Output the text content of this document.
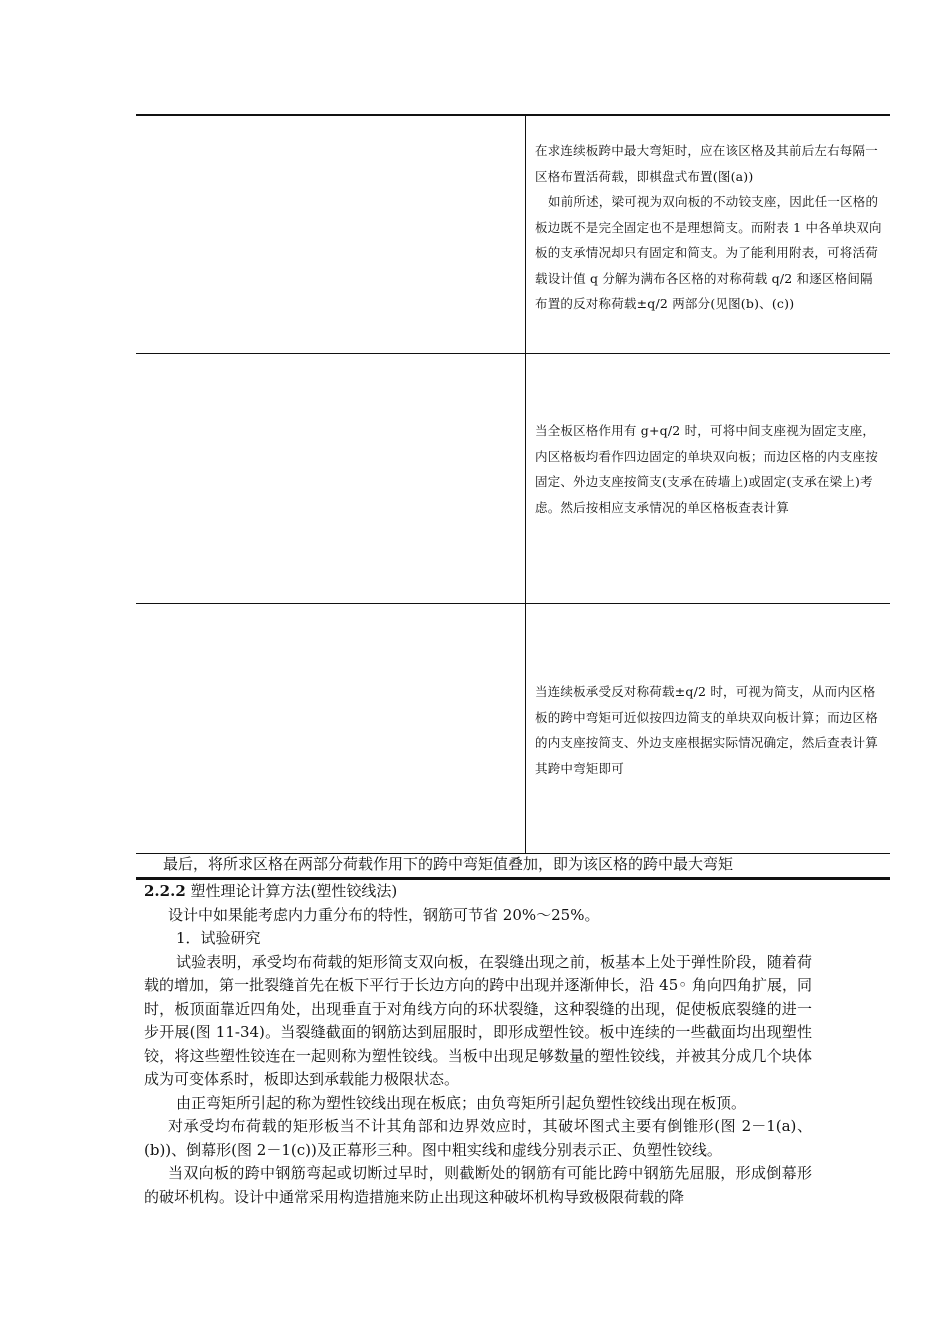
在求连续板跨中最大弯矩时，应在该区格及其前后左右每隔一区格布置活荷载，即棋盘式布置(图(a))

如前所述，梁可视为双向板的不动铰支座，因此任一区格的板边既不是完全固定也不是理想简支。而附表 1 中各单块双向板的支承情况却只有固定和简支。为了能利用附表，可将活荷载设计值 q 分解为满布各区格的对称荷载 q/2 和逐区格间隔布置的反对称荷载±q/2 两部分(见图(b)、(c))

当全板区格作用有 g+q/2 时，可将中间支座视为固定支座，内区格板均看作四边固定的单块双向板；而边区格的内支座按固定、外边支座按简支(支承在砖墙上)或固定(支承在梁上)考虑。然后按相应支承情况的单区格板查表计算

当连续板承受反对称荷载±q/2 时，可视为简支，从而内区格板的跨中弯矩可近似按四边简支的单块双向板计算；而边区格的内支座按简支、外边支座根据实际情况确定，然后查表计算其跨中弯矩即可

最后，将所求区格在两部分荷载作用下的跨中弯矩值叠加，即为该区格的跨中最大弯矩

2.2.2 塑性理论计算方法(塑性铰线法)

设计中如果能考虑内力重分布的特性，钢筋可节省 20%～25%。

1．试验研究

试验表明，承受均布荷载的矩形简支双向板，在裂缝出现之前，板基本上处于弹性阶段，随着荷载的增加，第一批裂缝首先在板下平行于长边方向的跨中出现并逐渐伸长，沿 45◦ 角向四角扩展，同时，板顶面靠近四角处，出现垂直于对角线方向的环状裂缝，这种裂缝的出现，促使板底裂缝的进一步开展(图 11-34)。当裂缝截面的钢筋达到屈服时，即形成塑性铰。板中连续的一些截面均出现塑性铰，将这些塑性铰连在一起则称为塑性铰线。当板中出现足够数量的塑性铰线，并被其分成几个块体成为可变体系时，板即达到承载能力极限状态。

由正弯矩所引起的称为塑性铰线出现在板底；由负弯矩所引起负塑性铰线出现在板顶。

对承受均布荷载的矩形板当不计其角部和边界效应时，其破坏图式主要有倒锥形(图 2－1(a)、(b))、倒幕形(图 2－1(c))及正幕形三种。图中粗实线和虚线分别表示正、负塑性铰线。

当双向板的跨中钢筋弯起或切断过早时，则截断处的钢筋有可能比跨中钢筋先屈服，形成倒幕形的破坏机构。设计中通常采用构造措施来防止出现这种破坏机构导致极限荷载的降
